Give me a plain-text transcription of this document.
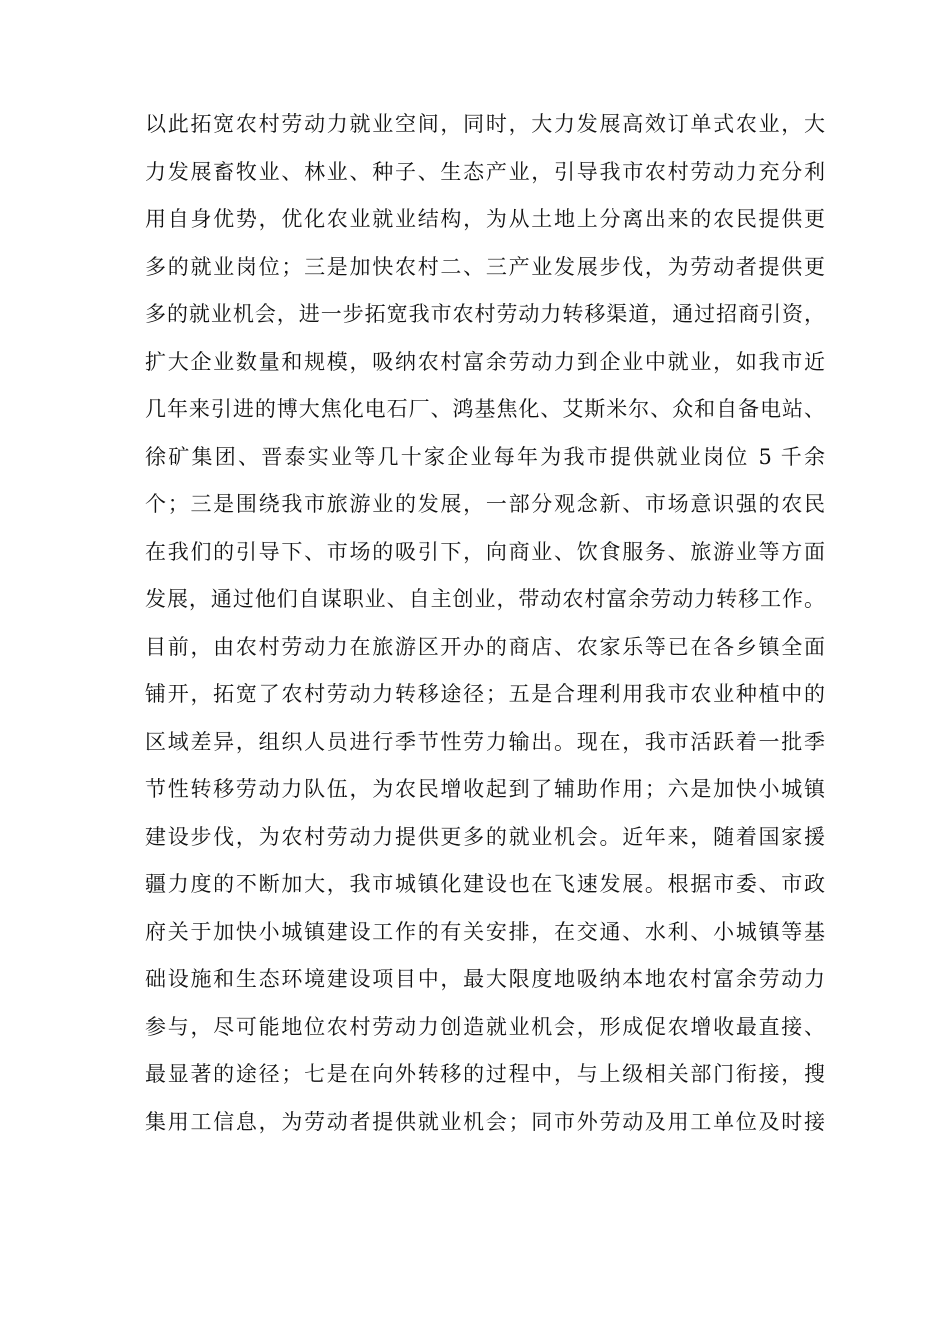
以此拓宽农村劳动力就业空间，同时，大力发展高效订单式农业，大
力发展畜牧业、林业、种子、生态产业，引导我市农村劳动力充分利
用自身优势，优化农业就业结构，为从土地上分离出来的农民提供更
多的就业岗位；三是加快农村二、三产业发展步伐，为劳动者提供更
多的就业机会，进一步拓宽我市农村劳动力转移渠道，通过招商引资，
扩大企业数量和规模，吸纳农村富余劳动力到企业中就业，如我市近
几年来引进的博大焦化电石厂、鸿基焦化、艾斯米尔、众和自备电站、
徐矿集团、晋泰实业等几十家企业每年为我市提供就业岗位 5 千余
个；三是围绕我市旅游业的发展，一部分观念新、市场意识强的农民
在我们的引导下、市场的吸引下，向商业、饮食服务、旅游业等方面
发展，通过他们自谋职业、自主创业，带动农村富余劳动力转移工作。
目前，由农村劳动力在旅游区开办的商店、农家乐等已在各乡镇全面
铺开，拓宽了农村劳动力转移途径；五是合理利用我市农业种植中的
区域差异，组织人员进行季节性劳力输出。现在，我市活跃着一批季
节性转移劳动力队伍，为农民增收起到了辅助作用；六是加快小城镇
建设步伐，为农村劳动力提供更多的就业机会。近年来，随着国家援
疆力度的不断加大，我市城镇化建设也在飞速发展。根据市委、市政
府关于加快小城镇建设工作的有关安排，在交通、水利、小城镇等基
础设施和生态环境建设项目中，最大限度地吸纳本地农村富余劳动力
参与，尽可能地位农村劳动力创造就业机会，形成促农增收最直接、
最显著的途径；七是在向外转移的过程中，与上级相关部门衔接，搜
集用工信息，为劳动者提供就业机会；同市外劳动及用工单位及时接
